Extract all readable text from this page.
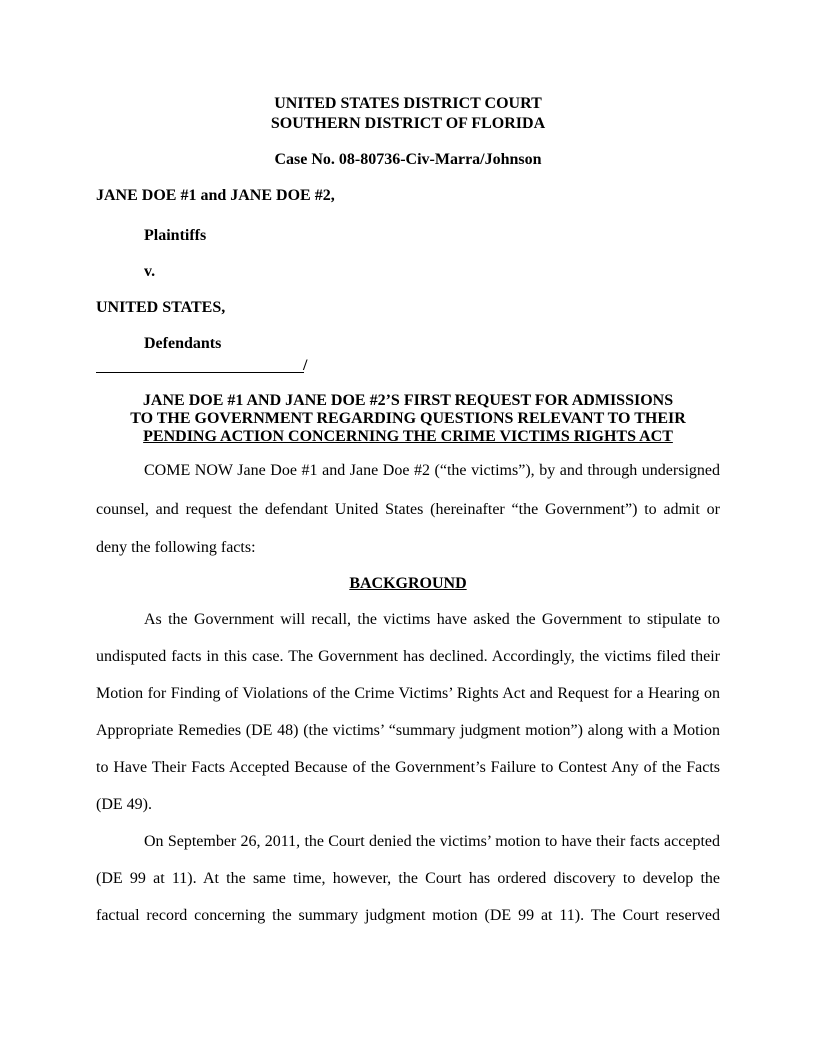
UNITED STATES DISTRICT COURT
SOUTHERN DISTRICT OF FLORIDA
Case No. 08-80736-Civ-Marra/Johnson
JANE DOE #1 and JANE DOE #2,
Plaintiffs
v.
UNITED STATES,
Defendants
/
JANE DOE #1 AND JANE DOE #2’S FIRST REQUEST FOR ADMISSIONS
TO THE GOVERNMENT REGARDING QUESTIONS RELEVANT TO THEIR
PENDING ACTION CONCERNING THE CRIME VICTIMS RIGHTS ACT
COME NOW Jane Doe #1 and Jane Doe #2 (“the victims”), by and through undersigned
counsel, and request the defendant United States (hereinafter “the Government”) to admit or
deny the following facts:
BACKGROUND
As the Government will recall, the victims have asked the Government to stipulate to
undisputed facts in this case. The Government has declined. Accordingly, the victims filed their
Motion for Finding of Violations of the Crime Victims’ Rights Act and Request for a Hearing on
Appropriate Remedies (DE 48) (the victims’ “summary judgment motion”) along with a Motion
to Have Their Facts Accepted Because of the Government’s Failure to Contest Any of the Facts
(DE 49).
On September 26, 2011, the Court denied the victims’ motion to have their facts accepted
(DE 99 at 11). At the same time, however, the Court has ordered discovery to develop the
factual record concerning the summary judgment motion (DE 99 at 11). The Court reserved
